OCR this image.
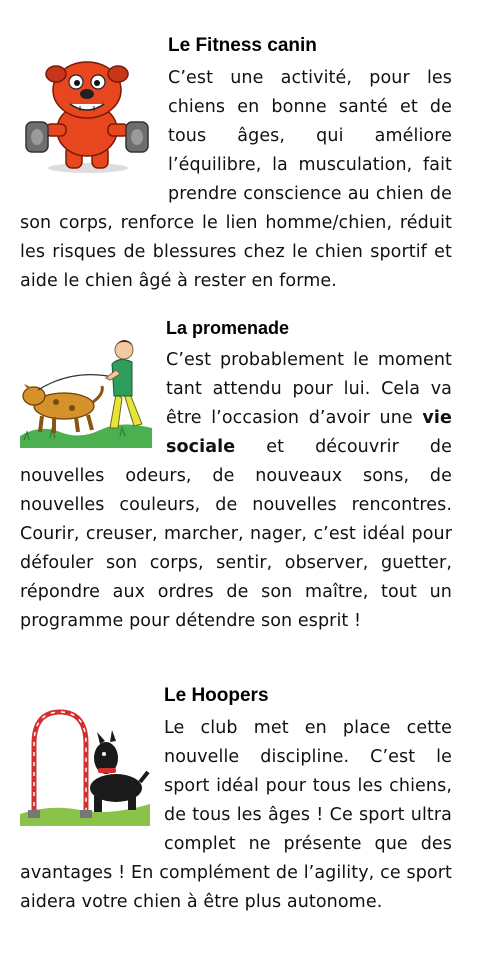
Le Fitness canin

C’est une activité, pour les chiens en bonne santé et de tous âges, qui améliore l’équilibre, la musculation, fait prendre conscience au chien de son corps, renforce le lien homme/chien, réduit les risques de blessures chez le chien sportif et aide le chien âgé à rester en forme.

La promenade

C’est probablement le moment tant attendu pour lui. Cela va être l’occasion d’avoir une vie sociale et découvrir de nouvelles odeurs, de nouveaux sons, de nouvelles couleurs, de nouvelles rencontres. Courir, creuser, marcher, nager, c’est idéal pour défouler son corps, sentir, observer, guetter, répondre aux ordres de son maître, tout un programme pour détendre son esprit !

Le Hoopers

Le club met en place cette nouvelle discipline. C’est le sport idéal pour tous les chiens, de tous les âges ! Ce sport ultra complet ne présente que des avantages ! En complément de l’agility, ce sport aidera votre chien à être plus autonome.
